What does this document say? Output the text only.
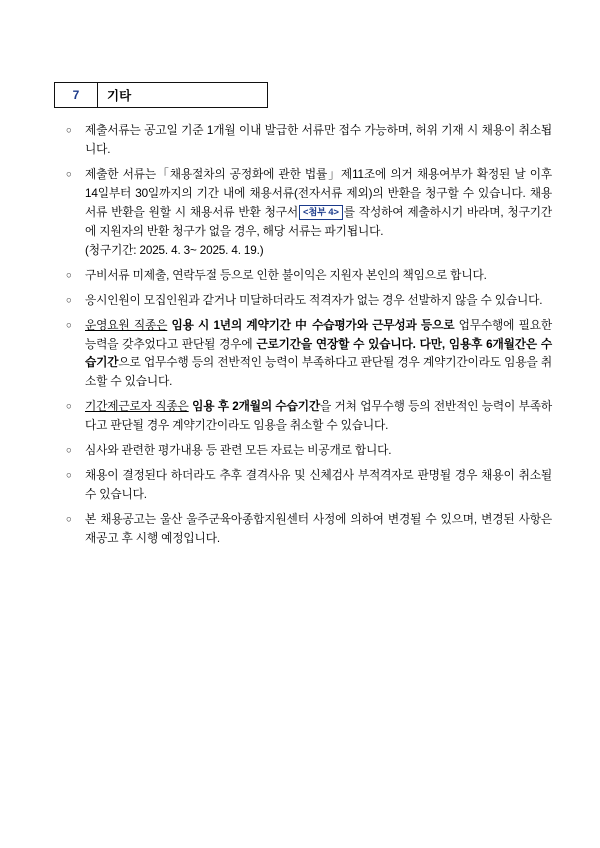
7	기타
○ 제출서류는 공고일 기준 1개월 이내 발급한 서류만 접수 가능하며, 허위 기재 시 채용이 취소됩니다.
○ 제출한 서류는「채용절차의 공정화에 관한 법률」제11조에 의거 채용여부가 확정된 날 이후 14일부터 30일까지의 기간 내에 채용서류(전자서류 제외)의 반환을 청구할 수 있습니다. 채용서류 반환을 원할 시 채용서류 반환 청구서 <첨부 4> 를 작성하여 제출하시기 바라며, 청구기간에 지원자의 반환 청구가 없을 경우, 해당 서류는 파기됩니다.
(청구기간: 2025. 4. 3~ 2025. 4. 19.)
○ 구비서류 미제출, 연락두절 등으로 인한 불이익은 지원자 본인의 책임으로 합니다.
○ 응시인원이 모집인원과 같거나 미달하더라도 적격자가 없는 경우 선발하지 않을 수 있습니다.
○ 운영요원 직종은 임용 시 1년의 계약기간 中 수습평가와 근무성과 등으로 업무수행에 필요한 능력을 갖추었다고 판단될 경우에 근로기간을 연장할 수 있습니다. 다만, 임용후 6개월간은 수습기간으로 업무수행 등의 전반적인 능력이 부족하다고 판단될 경우 계약기간이라도 임용을 취소할 수 있습니다.
○ 기간제근로자 직종은 임용 후 2개월의 수습기간을 거쳐 업무수행 등의 전반적인 능력이 부족하다고 판단될 경우 계약기간이라도 임용을 취소할 수 있습니다.
○ 심사와 관련한 평가내용 등 관련 모든 자료는 비공개로 합니다.
○ 채용이 결정된다 하더라도 추후 결격사유 및 신체검사 부적격자로 판명될 경우 채용이 취소될 수 있습니다.
○ 본 채용공고는 울산 울주군육아종합지원센터 사정에 의하여 변경될 수 있으며, 변경된 사항은 재공고 후 시행 예정입니다.
